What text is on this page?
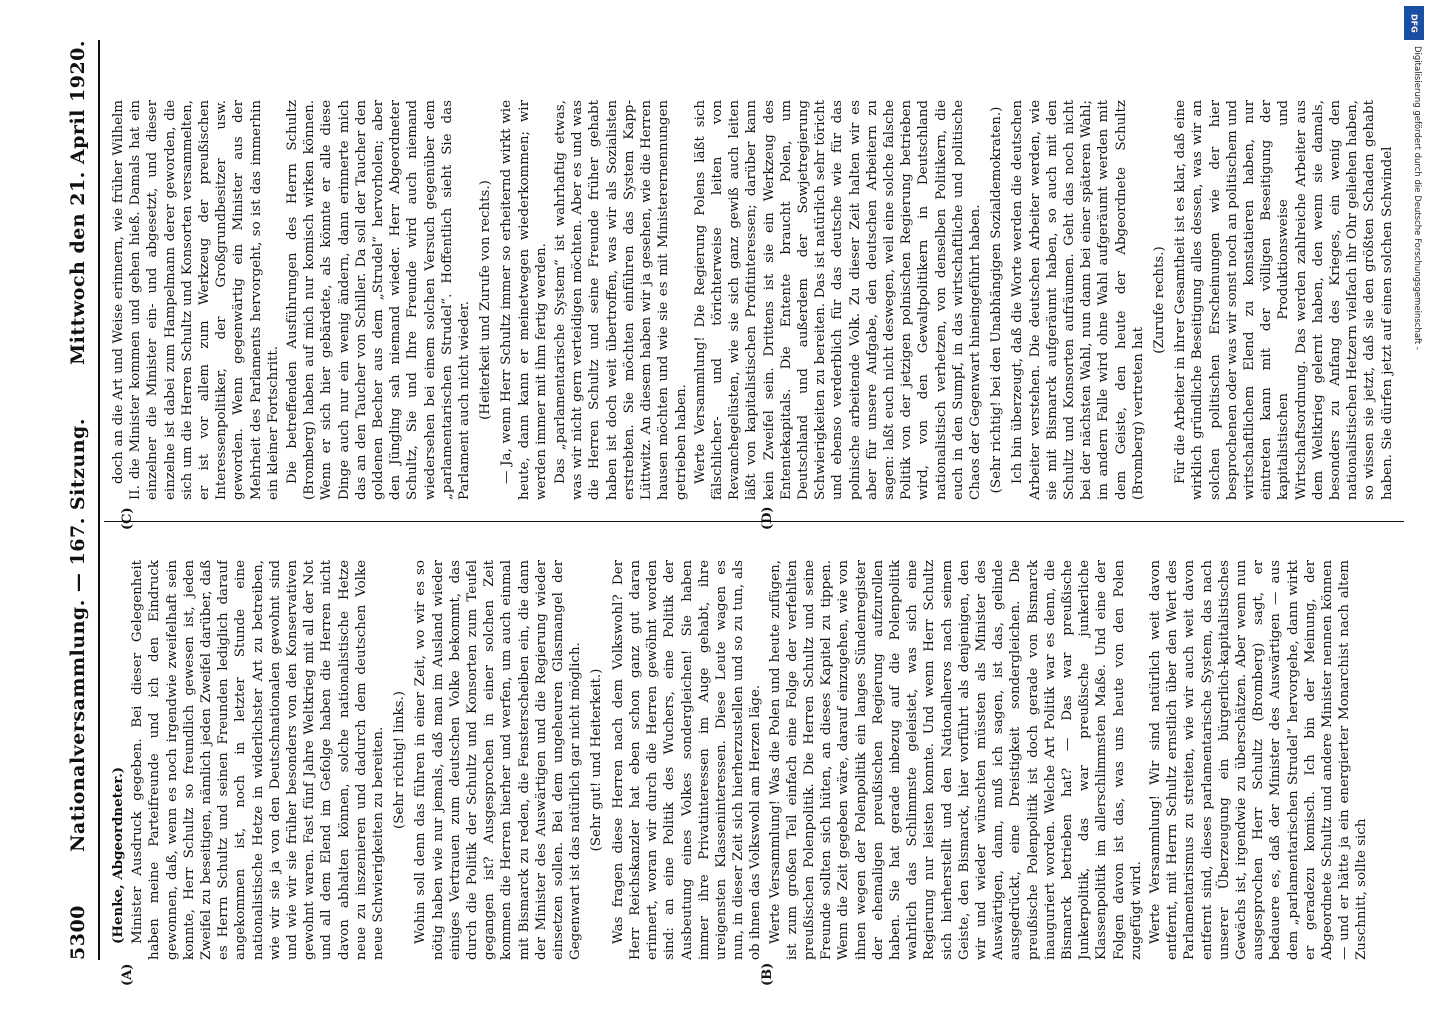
5300
Nationalversammlung. — 167. Sitzung.
Mittwoch den 21. April 1920.
(A)	(B)
(C)	(D)

(Henke, Abgeordneter.) Minister Ausdruck gegeben. Bei dieser Gelegenheit haben meine Parteifreunde und ich den Eindruck gewonnen, daß, wenn es noch irgendwie zweifelhaft sein konnte, Herr Schultz so freundlich gewesen ist, jeden Zweifel zu beseitigen, nämlich jeden Zweifel darüber, daß es Herrn Schultz und seinen Freunden lediglich darauf angekommen ist, noch in letzter Stunde eine nationalistische Hetze in widerlichster Art zu betreiben, wie wir sie ja von den Deutschnationalen gewohnt sind und wie wir sie früher besonders von den Konservativen gewohnt waren. Fast fünf Jahre Weltkrieg mit all der Not und all dem Elend im Gefolge haben die Herren nicht davon abhalten können, solche nationalistische Hetze neue zu inszenieren und dadurch dem deutschen Volke neue Schwierigkeiten zu bereiten. (Sehr richtig! links.) Wohin soll denn das führen in einer Zeit, wo wir es so nötig haben wie nur jemals, daß man im Ausland wieder einiges Vertrauen zum deutschen Volke bekommt, das durch die Politik der Schultz und Konsorten zum Teufel gegangen ist? Ausgesprochen in einer solchen Zeit kommen die Herren hierher und werfen, um auch einmal mit Bismarck zu reden, die Fensterscheiben ein, die dann der Minister des Auswärtigen und die Regierung wieder einsetzen sollen. Bei dem ungeheuren Glasmangel der Gegenwart ist das natürlich gar nicht möglich. (Sehr gut! und Heiterkeit.) Was fragen diese Herren nach dem Volkswohl? Der Herr Reichskanzler hat eben schon ganz gut daran erinnert, woran wir durch die Herren gewöhnt worden sind: an eine Politik des Wuchers, eine Politik der Ausbeutung eines Volkes sondergleichen! Sie haben immer ihre Privatinteressen im Auge gehabt, ihre ureigensten Klasseninteressen. Diese Leute wagen es nun, in dieser Zeit sich hierherzustellen und so zu tun, als ob ihnen das Volkswohl am Herzen läge. Werte Versammlung! Was die Polen und heute zufügen, ist zum großen Teil einfach eine Folge der verfehlten preußischen Polenpolitik. Die Herren Schultz und seine Freunde sollten sich hüten, an dieses Kapitel zu tippen. Wenn die Zeit gegeben wäre, darauf einzugehen, wie von ihnen wegen der Polenpolitik ein langes Sündenregister der ehemaligen preußischen Regierung aufzurollen haben. Sie hat gerade inbezug auf die Polenpolitik wahrlich das Schlimmste geleistet, was sich eine Regierung nur leisten konnte. Und wenn Herr Schultz sich hierherstellt und den Nationalheros nach seinem Geiste, den Bismarck, hier vorführt als denjenigen, den wir und wieder wünschten müssten als Minister des Auswärtigen, dann, muß ich sagen, ist das, gelinde ausgedrückt, eine Dreistigkeit sondergleichen. Die preußische Polenpolitik ist doch gerade von Bismarck inauguriert worden. Welche Art Politik war es denn, die Bismarck betrieben hat? — Das war preußische Junkerpolitik, das war preußische junkerliche Klassenpolitik im allerschlimmsten Maße. Und eine der Folgen davon ist das, was uns heute von den Polen zugefügt wird. Werte Versammlung! Wir sind natürlich weit davon entfernt, mit Herrn Schultz ernstlich über den Wert des Parlamentarismus zu streiten, wie wir auch weit davon entfernt sind, dieses parlamentarische System, das nach unserer Überzeugung ein bürgerlich-kapitalistisches Gewächs ist, irgendwie zu überschätzen. Aber wenn nun ausgesprochen Herr Schultz (Bromberg) sagt, er bedauere es, daß der Minister des Auswärtigen — aus dem „parlamentarischen Strudel“ hervorgehe, dann wirkt er geradezu komisch. Ich bin der Meinung, der Abgeordnete Schultz und andere Minister nennen können — und er hätte ja ein energierter Monarchist nach altem Zuschnitt, sollte sich

doch an die Art und Weise erinnern, wie früher Wilhelm II. die Minister kommen und gehen hieß. Damals hat ein einzelner die Minister ein- und abgesetzt, und dieser einzelne ist dabei zum Hampelmann derer geworden, die sich um die Herren Schultz und Konsorten versammelten, er ist vor allem zum Werkzeug der preußischen Interessenpolitiker, der Großgrundbesitzer usw. geworden. Wenn gegenwärtig ein Minister aus der Mehrheit des Parlaments hervorgeht, so ist das immerhin ein kleiner Fortschritt. Die betreffenden Ausführungen des Herrn Schultz (Bromberg) haben auf mich nur komisch wirken können. Wenn er sich hier gebärdete, als könnte er alle diese Dinge auch nur ein wenig ändern, dann erinnerte mich das an den Taucher von Schiller. Da soll der Taucher den goldenen Becher aus dem „Strudel“ hervorholen; aber den Jüngling sah niemand wieder. Herr Abgeordneter Schultz, Sie und Ihre Freunde wird auch niemand wiedersehen bei einem solchen Versuch gegenüber dem „parlamentarischen Strudel“. Hoffentlich sieht Sie das Parlament auch nicht wieder. (Heiterkeit und Zurufe von rechts.) — Ja, wenn Herr Schultz immer so erheiternd wirkt wie heute, dann kann er meinetwegen wiederkommen; wir werden immer mit ihm fertig werden. Das „parlamentarische System“ ist wahrhaftig etwas, was wir nicht gern verteidigen möchten. Aber es und was die Herren Schultz und seine Freunde früher gehabt haben ist doch weit übertroffen, was wir als Sozialisten erstrebten. Sie möchten einführen das System Kapp-Lüttwitz. An diesem haben wir ja gesehen, wie die Herren hausen möchten und wie sie es mit Ministerernennungen getrieben haben. Werte Versammlung! Die Regierung Polens läßt sich fälschlicher- und törichterweise leiten von Revanchegelüsten, wie sie sich ganz gewiß auch leiten läßt von kapitalistischen Profitinteressen; darüber kann kein Zweifel sein. Drittens ist sie ein Werkzeug des Ententekapitals. Die Entente braucht Polen, um Deutschland und außerdem der Sowjetregierung Schwierigkeiten zu bereiten. Das ist natürlich sehr töricht und ebenso verderblich für das deutsche wie für das polnische arbeitende Volk. Zu dieser Zeit halten wir es aber für unsere Aufgabe, den deutschen Arbeitern zu sagen: laßt euch nicht deswegen, weil eine solche falsche Politik von der jetzigen polnischen Regierung betrieben wird, von den Gewaltpolitikern in Deutschland nationalistisch verhetzen, von denselben Politikern, die euch in den Sumpf, in das wirtschaftliche und politische Chaos der Gegenwart hineingeführt haben. (Sehr richtig! bei den Unabhängigen Sozialdemokraten.) Ich bin überzeugt, daß die Worte werden die deutschen Arbeiter verstehen. Die deutschen Arbeiter werden, wie sie mit Bismarck aufgeräumt haben, so auch mit den Schultz und Konsorten aufräumen. Geht das noch nicht bei der nächsten Wahl, nun dann bei einer späteren Wahl; im andern Falle wird ohne Wahl aufgeräumt werden mit dem Geiste, den heute der Abgeordnete Schultz (Bromberg) vertreten hat

(Zurufe rechts.) Für die Arbeiter in ihrer Gesamtheit ist es klar, daß eine wirklich gründliche Beseitigung alles dessen, was wir an solchen politischen Erscheinungen wie der hier besprochenen oder was wir sonst noch an politischem und wirtschaftlichem Elend zu konstatieren haben, nur eintreten kann mit der völligen Beseitigung der kapitalistischen Produktionsweise und Wirtschaftsordnung. Das werden zahlreiche Arbeiter aus dem Weltkrieg gelernt haben, den wenn sie damals, besonders zu Anfang des Krieges, ein wenig den nationalistischen Hetzern vielfach ihr Ohr geliehen haben, so wissen sie jetzt, daß sie den größten Schaden gehabt haben. Sie dürfen jetzt auf einen solchen Schwindel

DFG
Digitalisierung gefördert durch die Deutsche Forschungsgemeinschaft -
